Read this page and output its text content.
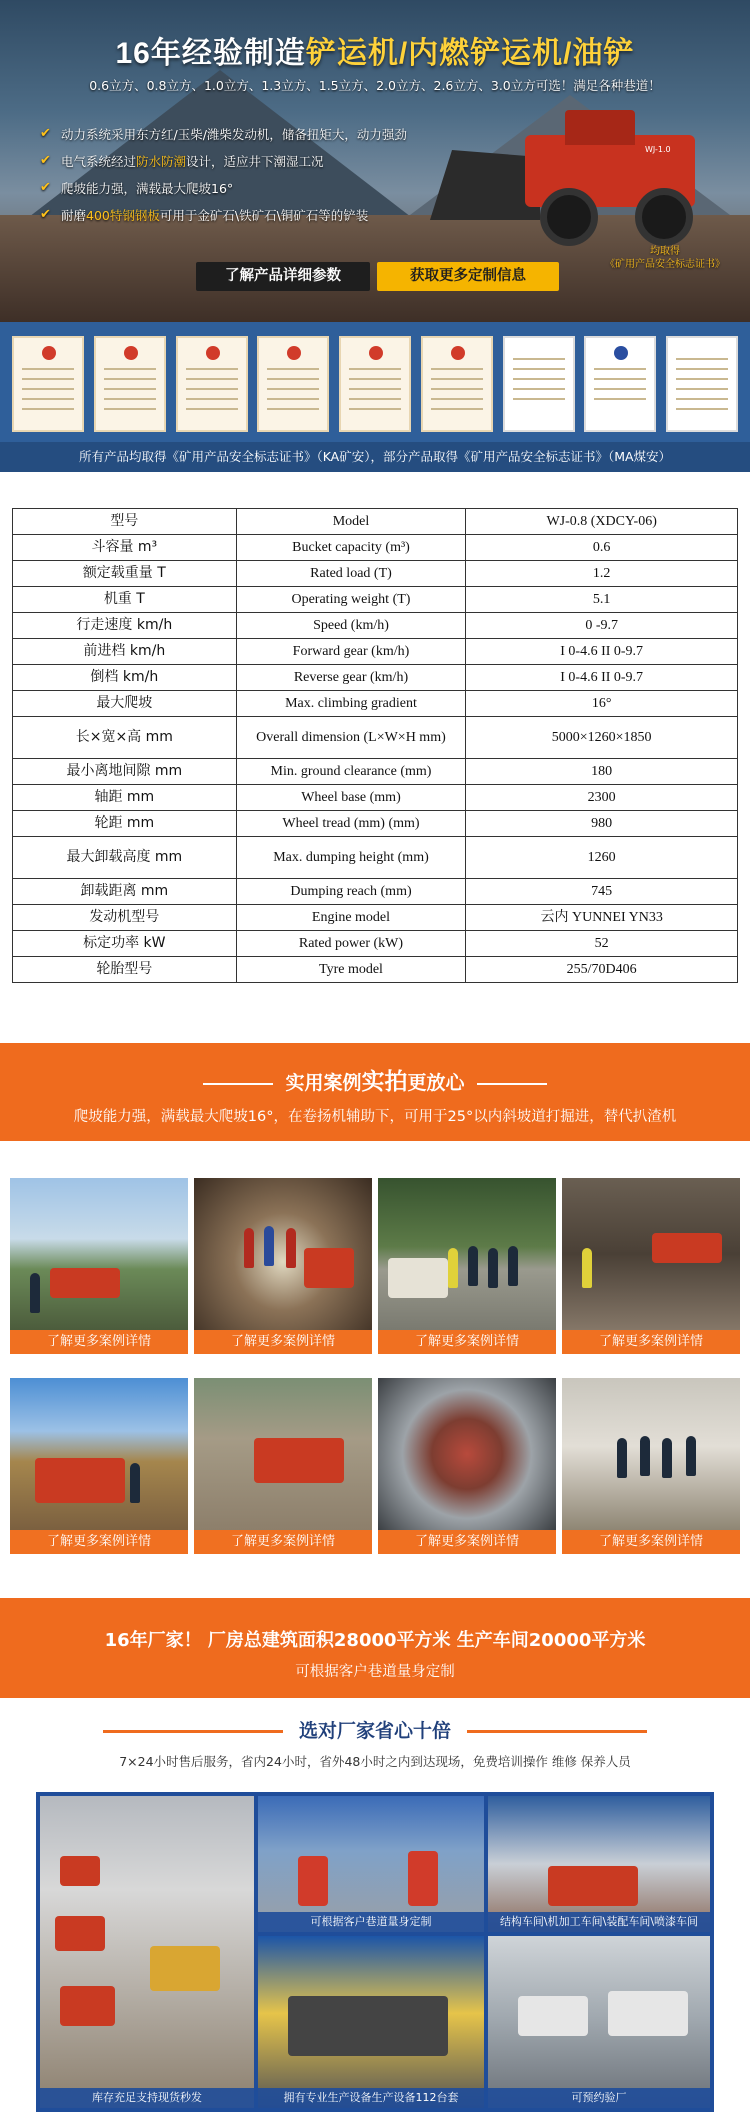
16年经验制造铲运机/内燃铲运机/油铲
0.6立方、0.8立方、1.0立方、1.3立方、1.5立方、2.0立方、2.6立方、3.0立方可选！满足各种巷道！
✔ 动力系统采用东方红/玉柴/潍柴发动机，储备扭矩大，动力强劲
✔ 电气系统经过 防水防潮 设计，适应井下潮湿工况
✔ 爬坡能力强，满载最大爬坡16°
✔ 耐磨 400特钢钢板 可用于金矿石\铁矿石\铜矿石等的铲装
WJ-1.0
均取得
《矿用产品安全标志证书》
了解产品详细参数	获取更多定制信息
所有产品均取得《矿用产品安全标志证书》（KA矿安），部分产品取得《矿用产品安全标志证书》（MA煤安）
型号	Model	WJ-0.8 (XDCY-06)
斗容量 m³	Bucket capacity (m³)	0.6
额定载重量 T	Rated load (T)	1.2
机重 T	Operating weight (T)	5.1
行走速度 km/h	Speed (km/h)	0 -9.7
前进档 km/h	Forward gear (km/h)	I 0-4.6 II 0-9.7
倒档 km/h	Reverse gear (km/h)	I 0-4.6 II 0-9.7
最大爬坡	Max. climbing gradient	16°
长×宽×高 mm	Overall dimension (L×W×H mm)	5000×1260×1850
最小离地间隙 mm	Min. ground clearance (mm)	180
轴距 mm	Wheel base (mm)	2300
轮距 mm	Wheel tread (mm) (mm)	980
最大卸载高度 mm	Max. dumping height (mm)	1260
卸载距离 mm	Dumping reach (mm)	745
发动机型号	Engine model	云内 YUNNEI YN33
标定功率 kW	Rated power (kW)	52
轮胎型号	Tyre model	255/70D406
实用案例实拍更放心
爬坡能力强，满载最大爬坡16°，在卷扬机辅助下，可用于25°以内斜坡道打掘进，替代扒渣机
了解更多案例详情	了解更多案例详情	了解更多案例详情	了解更多案例详情
了解更多案例详情	了解更多案例详情	了解更多案例详情	了解更多案例详情
16年厂家！ 厂房总建筑面积28000平方米 生产车间20000平方米
可根据客户巷道量身定制
选对厂家省心十倍
7×24小时售后服务，省内24小时，省外48小时之内到达现场，免费培训操作 维修 保养人员
库存充足支持现货秒发
可根据客户巷道量身定制	结构车间\机加工车间\装配车间\喷漆车间
拥有专业生产设备生产设备112台套	可预约验厂
